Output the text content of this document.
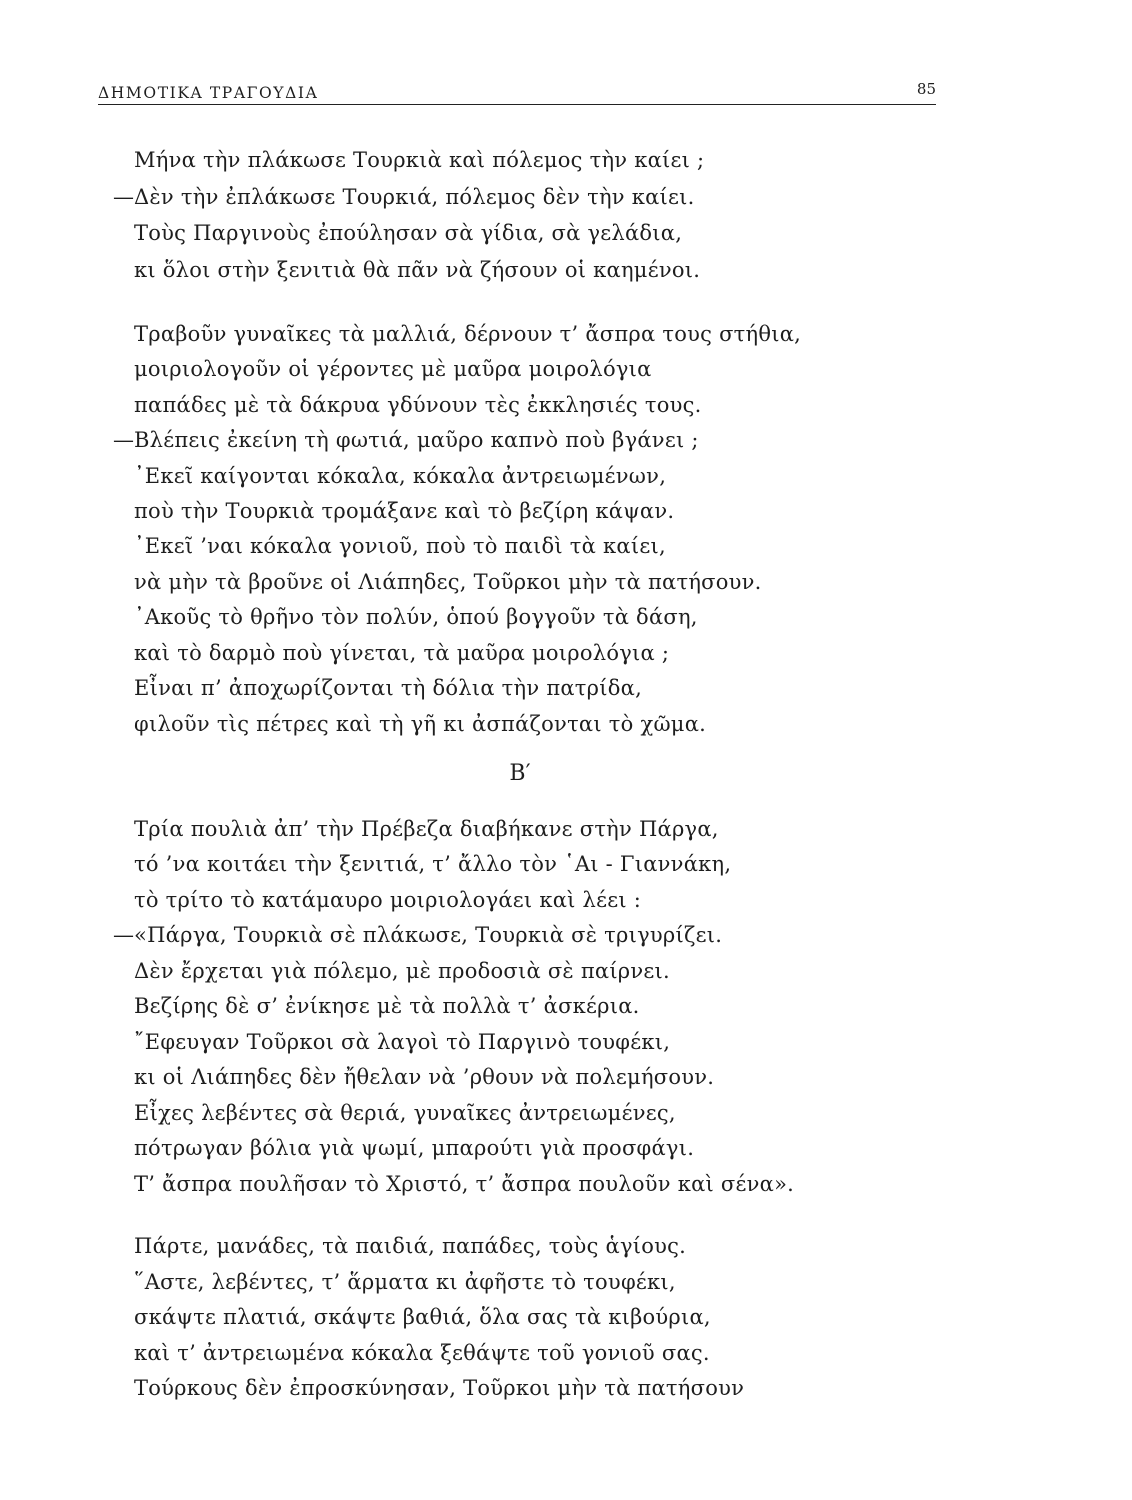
ΔΗΜΟΤΙΚΑ ΤΡΑΓΟΥΔΙΑ	85
Μήνα τὴν πλάκωσε Τουρκιὰ καὶ πόλεμος τὴν καίει ;
— Δὲν τὴν ἐπλάκωσε Τουρκιά, πόλεμος δὲν τὴν καίει.
Τοὺς Παργινοὺς ἐπούλησαν σὰ γίδια, σὰ γελάδια,
κι ὅλοι στὴν ξενιτιὰ θὰ πᾶν νὰ ζήσουν οἱ καημένοι.
Τραβοῦν γυναῖκες τὰ μαλλιά, δέρνουν τ’ ἄσπρα τους στήθια,
μοιριολογοῦν οἱ γέροντες μὲ μαῦρα μοιρολόγια
παπάδες μὲ τὰ δάκρυα γδύνουν τὲς ἐκκλησιές τους.
— Βλέπεις ἐκείνη τὴ φωτιά, μαῦρο καπνὸ ποὺ βγάνει ;
᾿Εκεῖ καίγονται κόκαλα, κόκαλα ἀντρειωμένων,
ποὺ τὴν Τουρκιὰ τρομάξανε καὶ τὸ βεζίρη κάψαν.
᾿Εκεῖ ’ναι κόκαλα γονιοῦ, ποὺ τὸ παιδὶ τὰ καίει,
νὰ μὴν τὰ βροῦνε οἱ Λιάπηδες, Τοῦρκοι μὴν τὰ πατήσουν.
᾿Ακοῦς τὸ θρῆνο τὸν πολύν, ὁπού βογγοῦν τὰ δάση,
καὶ τὸ δαρμὸ ποὺ γίνεται, τὰ μαῦρα μοιρολόγια ;
Εἶναι π’ ἀποχωρίζονται τὴ δόλια τὴν πατρίδα,
φιλοῦν τὶς πέτρες καὶ τὴ γῆ κι ἀσπάζονται τὸ χῶμα.
Β′
Τρία πουλιὰ ἀπ’ τὴν Πρέβεζα διαβήκανε στὴν Πάργα,
τό ’να κοιτάει τὴν ξενιτιά, τ’ ἄλλο τὸν ῾Αι - Γιαννάκη,
τὸ τρίτο τὸ κατάμαυρο μοιριολογάει καὶ λέει :
— «Πάργα, Τουρκιὰ σὲ πλάκωσε, Τουρκιὰ σὲ τριγυρίζει.
Δὲν ἔρχεται γιὰ πόλεμο, μὲ προδοσιὰ σὲ παίρνει.
Βεζίρης δὲ σ’ ἐνίκησε μὲ τὰ πολλὰ τ’ ἀσκέρια.
῎Εφευγαν Τοῦρκοι σὰ λαγοὶ τὸ Παργινὸ τουφέκι,
κι οἱ Λιάπηδες δὲν ἤθελαν νὰ ’ρθουν νὰ πολεμήσουν.
Εἶχες λεβέντες σὰ θεριά, γυναῖκες ἀντρειωμένες,
πότρωγαν βόλια γιὰ ψωμί, μπαρούτι γιὰ προσφάγι.
Τ’ ἄσπρα πουλῆσαν τὸ Χριστό, τ’ ἄσπρα πουλοῦν καὶ σένα».
Πάρτε, μανάδες, τὰ παιδιά, παπάδες, τοὺς ἁγίους.
῞Αστε, λεβέντες, τ’ ἅρματα κι ἀφῆστε τὸ τουφέκι,
σκάψτε πλατιά, σκάψτε βαθιά, ὅλα σας τὰ κιβούρια,
καὶ τ’ ἀντρειωμένα κόκαλα ξεθάψτε τοῦ γονιοῦ σας.
Τούρκους δὲν ἐπροσκύνησαν, Τοῦρκοι μὴν τὰ πατήσουν
